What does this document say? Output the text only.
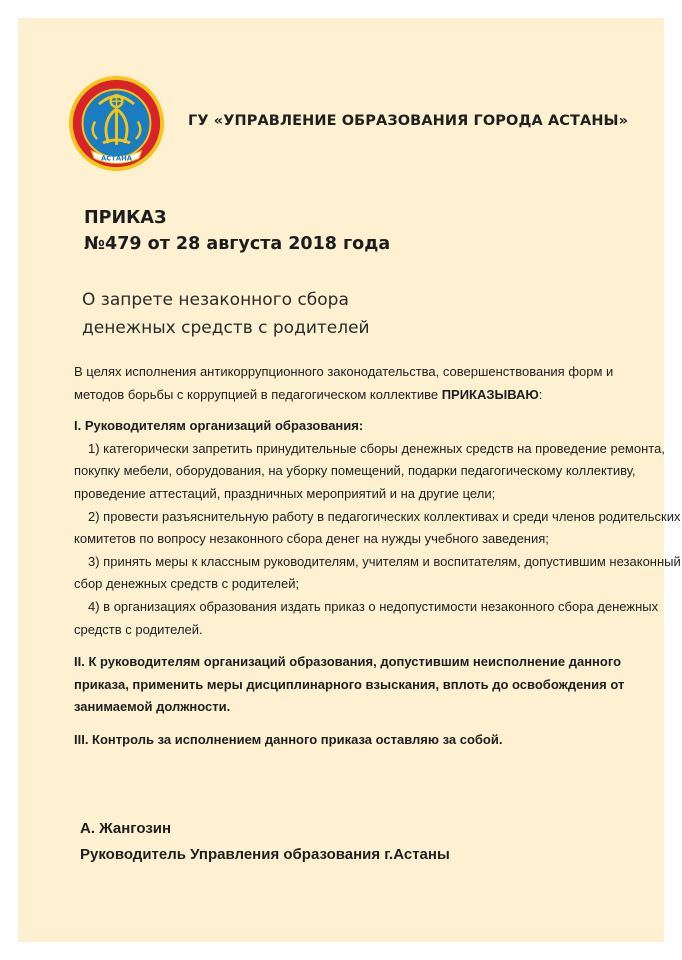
АСТАНА
ГУ «УПРАВЛЕНИЕ ОБРАЗОВАНИЯ ГОРОДА АСТАНЫ»
ПРИКАЗ
№479 от 28 августа 2018 года
О запрете незаконного сбора
денежных средств с родителей
В целях исполнения антикоррупционного законодательства, совершенствования форм и
методов борьбы с коррупцией в педагогическом коллективе ПРИКАЗЫВАЮ:
I. Руководителям организаций образования:
1) категорически запретить принудительные сборы денежных средств на проведение ремонта,
покупку мебели, оборудования, на уборку помещений, подарки педагогическому коллективу,
проведение аттестаций, праздничных мероприятий и на другие цели;
2) провести разъяснительную работу в педагогических коллективах и среди членов родительских
комитетов по вопросу незаконного сбора денег на нужды учебного заведения;
3) принять меры к классным руководителям, учителям и воспитателям, допустившим незаконный
сбор денежных средств с родителей;
4) в организациях образования издать приказ о недопустимости незаконного сбора денежных
средств с родителей.
II. К руководителям организаций образования, допустившим неисполнение данного
приказа, применить меры дисциплинарного взыскания, вплоть до освобождения от
занимаемой должности.
III. Контроль за исполнением данного приказа оставляю за собой.
А. Жангозин
Руководитель Управления образования г.Астаны
